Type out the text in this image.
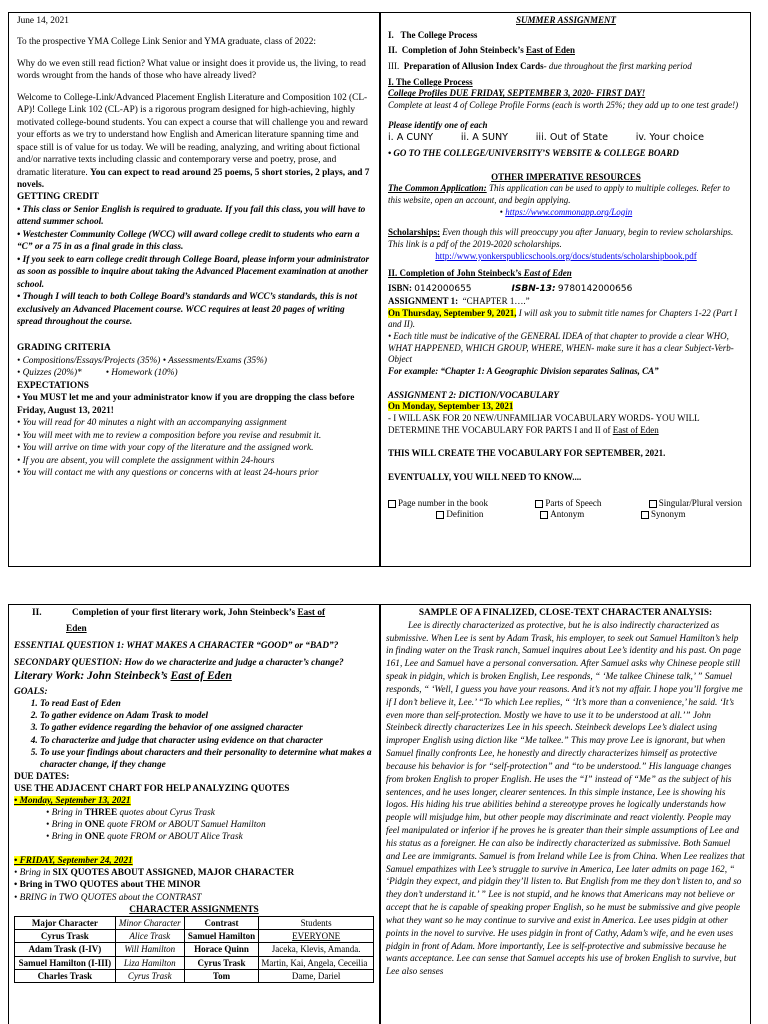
June 14, 2021

To the prospective YMA College Link Senior and YMA graduate, class of 2022:

Why do we even still read fiction? What value or insight does it provide us, the living, to read words wrought from the hands of those who have already lived?

Welcome to College-Link/Advanced Placement English Literature and Composition 102 (CL-AP)! College Link 102 (CL-AP) is a rigorous program designed for high-achieving, highly motivated college-bound students. You can expect a course that will challenge you and reward your efforts as we try to understand how English and American literature spanning time and space still is of value for us today. We will be reading, analyzing, and writing about fictional and/or narrative texts including classic and contemporary verse and poetry, prose, and dramatic literature. You can expect to read around 25 poems, 5 short stories, 2 plays, and 7 novels.

GETTING CREDIT

• This class or Senior English is required to graduate. If you fail this class, you will have to attend summer school.

• Westchester Community College (WCC) will award college credit to students who earn a “C” or a 75 in as a final grade in this class.

• If you seek to earn college credit through College Board, please inform your administrator as soon as possible to inquire about taking the Advanced Placement examination at another school.

• Though I will teach to both College Board’s standards and WCC’s standards, this is not exclusively an Advanced Placement course. WCC requires at least 20 pages of writing spread throughout the course.

GRADING CRITERIA

• Compositions/Essays/Projects (35%) • Assessments/Exams (35%)

• Quizzes (20%)*	• Homework (10%)

EXPECTATIONS

• You MUST let me and your administrator know if you are dropping the class before Friday, August 13, 2021!

• You will read for 40 minutes a night with an accompanying assignment

• You will meet with me to review a composition before you revise and resubmit it.

• You will arrive on time with your copy of the literature and the assigned work.

• If you are absent, you will complete the assignment within 24-hours

• You will contact me with any questions or concerns with at least 24-hours prior

SUMMER ASSIGNMENT

I. The College Process

II. Completion of John Steinbeck’s East of Eden

III. Preparation of Allusion Index Cards- due throughout the first marking period

I. The College Process

College Profiles DUE FRIDAY, SEPTEMBER 3, 2020- FIRST DAY!

Complete at least 4 of College Profile Forms (each is worth 25%; they add up to one test grade!)

Please identify one of each

i. A CUNY	ii. A SUNY	iii. Out of State	iv. Your choice

• GO TO THE COLLEGE/UNIVERSITY’S WEBSITE & COLLEGE BOARD

OTHER IMPERATIVE RESOURCES

The Common Application: This application can be used to apply to multiple colleges. Refer to this website, open an account, and begin applying.

• https://www.commonapp.org/Login

Scholarships: Even though this will preoccupy you after January, begin to review scholarships. This link is a pdf of the 2019-2020 scholarships.

http://www.yonkerspublicschools.org/docs/students/scholarshipbook.pdf

II. Completion of John Steinbeck’s East of Eden

ISBN: 0142000655	ISBN-13: 9780142000656

ASSIGNMENT 1: “CHAPTER 1….”

On Thursday, September 9, 2021, I will ask you to submit title names for Chapters 1-22 (Part I and II).

• Each title must be indicative of the GENERAL IDEA of that chapter to provide a clear WHO, WHAT HAPPENED, WHICH GROUP, WHERE, WHEN- make sure it has a clear Subject-Verb-Object

For example: “Chapter 1: A Geographic Division separates Salinas, CA”

ASSIGNMENT 2: DICTION/VOCABULARY

On Monday, September 13, 2021

- I WILL ASK FOR 20 NEW/UNFAMILIAR VOCABULARY WORDS- YOU WILL DETERMINE THE VOCABULARY FOR PARTS I and II of East of Eden

THIS WILL CREATE THE VOCABULARY FOR SEPTEMBER, 2021.

EVENTUALLY, YOU WILL NEED TO KNOW....

Page number in the book	Parts of Speech	Singular/Plural version
Definition	Antonym	Synonym
II.	Completion of your first literary work, John Steinbeck’s East of

Eden

ESSENTIAL QUESTION 1: WHAT MAKES A CHARACTER “GOOD” or “BAD”?

SECONDARY QUESTION: How do we characterize and judge a character’s change?

Literary Work: John Steinbeck’s East of Eden

GOALS:

1. To read East of Eden
2. To gather evidence on Adam Trask to model
3. To gather evidence regarding the behavior of one assigned character
4. To characterize and judge that character using evidence on that character
5. To use your findings about characters and their personality to determine what makes a character change, if they change

DUE DATES:

USE THE ADJACENT CHART FOR HELP ANALYZING QUOTES

• Monday, September 13, 2021

• Bring in THREE quotes about Cyrus Trask

• Bring in ONE quote FROM or ABOUT Samuel Hamilton

• Bring in ONE quote FROM or ABOUT Alice Trask

• FRIDAY, September 24, 2021

• Bring in SIX QUOTES ABOUT ASSIGNED, MAJOR CHARACTER

• Bring in TWO QUOTES about THE MINOR

• BRING in TWO QUOTES about the CONTRAST

CHARACTER ASSIGNMENTS

Major Character	Minor Character	Contrast	Students
Cyrus Trask	Alice Trask	Samuel Hamilton	EVERYONE
Adam Trask (I-IV)	Will Hamilton	Horace Quinn	Jaceka, Klevis, Amanda.
Samuel Hamilton (I-III)	Liza Hamilton	Cyrus Trask	Martin, Kai, Angela, Ceceilia
Charles Trask	Cyrus Trask	Tom	Dame, Dariel

SAMPLE OF A FINALIZED, CLOSE-TEXT CHARACTER ANALYSIS:

Lee is directly characterized as protective, but he is also indirectly characterized as submissive. When Lee is sent by Adam Trask, his employer, to seek out Samuel Hamilton’s help in finding water on the Trask ranch, Samuel inquires about Lee’s identity and his past. On page 161, Lee and Samuel have a personal conversation. After Samuel asks why Chinese people still speak in pidgin, which is broken English, Lee responds, “ ‘Me talkee Chinese talk,’ ” Samuel responds, “ ‘Well, I guess you have your reasons. And it’s not my affair. I hope you’ll forgive me if I don’t believe it, Lee.’ “To which Lee replies, “ ‘It’s more than a convenience,’ he said. ‘It’s even more than self-protection. Mostly we have to use it to be understood at all.’” John Steinbeck directly characterizes Lee in his speech. Steinbeck develops Lee’s dialect using improper English using diction like “Me talkee.” This may prove Lee is ignorant, but when Samuel finally confronts Lee, he honestly and directly characterizes himself as protective because his behavior is for “self-protection” and “to be understood.” His language changes from broken English to proper English. He uses the “I” instead of “Me” as the subject of his sentences, and he uses longer, clearer sentences. In this simple instance, Lee is showing his logos. His hiding his true abilities behind a stereotype proves he logically understands how people will misjudge him, but other people may discriminate and react violently. People may feel manipulated or inferior if he proves he is greater than their simple assumptions of Lee and his status as a foreigner. He can also be indirectly characterized as submissive. Both Samuel and Lee are immigrants. Samuel is from Ireland while Lee is from China. When Lee realizes that Samuel empathizes with Lee’s struggle to survive in America, Lee later admits on page 162, “ ‘Pidgin they expect, and pidgin they’ll listen to. But English from me they don’t listen to, and so they don’t understand it.’ ” Lee is not stupid, and he knows that Americans may not believe or accept that he is capable of speaking proper English, so he must be submissive and give people what they want so he may continue to survive and exist in America. Lee uses pidgin at other points in the novel to survive. He uses pidgin in front of Cathy, Adam’s wife, and he even uses pidgin in front of Adam. More importantly, Lee is self-protective and submissive because he wants acceptance. Lee can sense that Samuel accepts his use of broken English to survive, but Lee also senses
